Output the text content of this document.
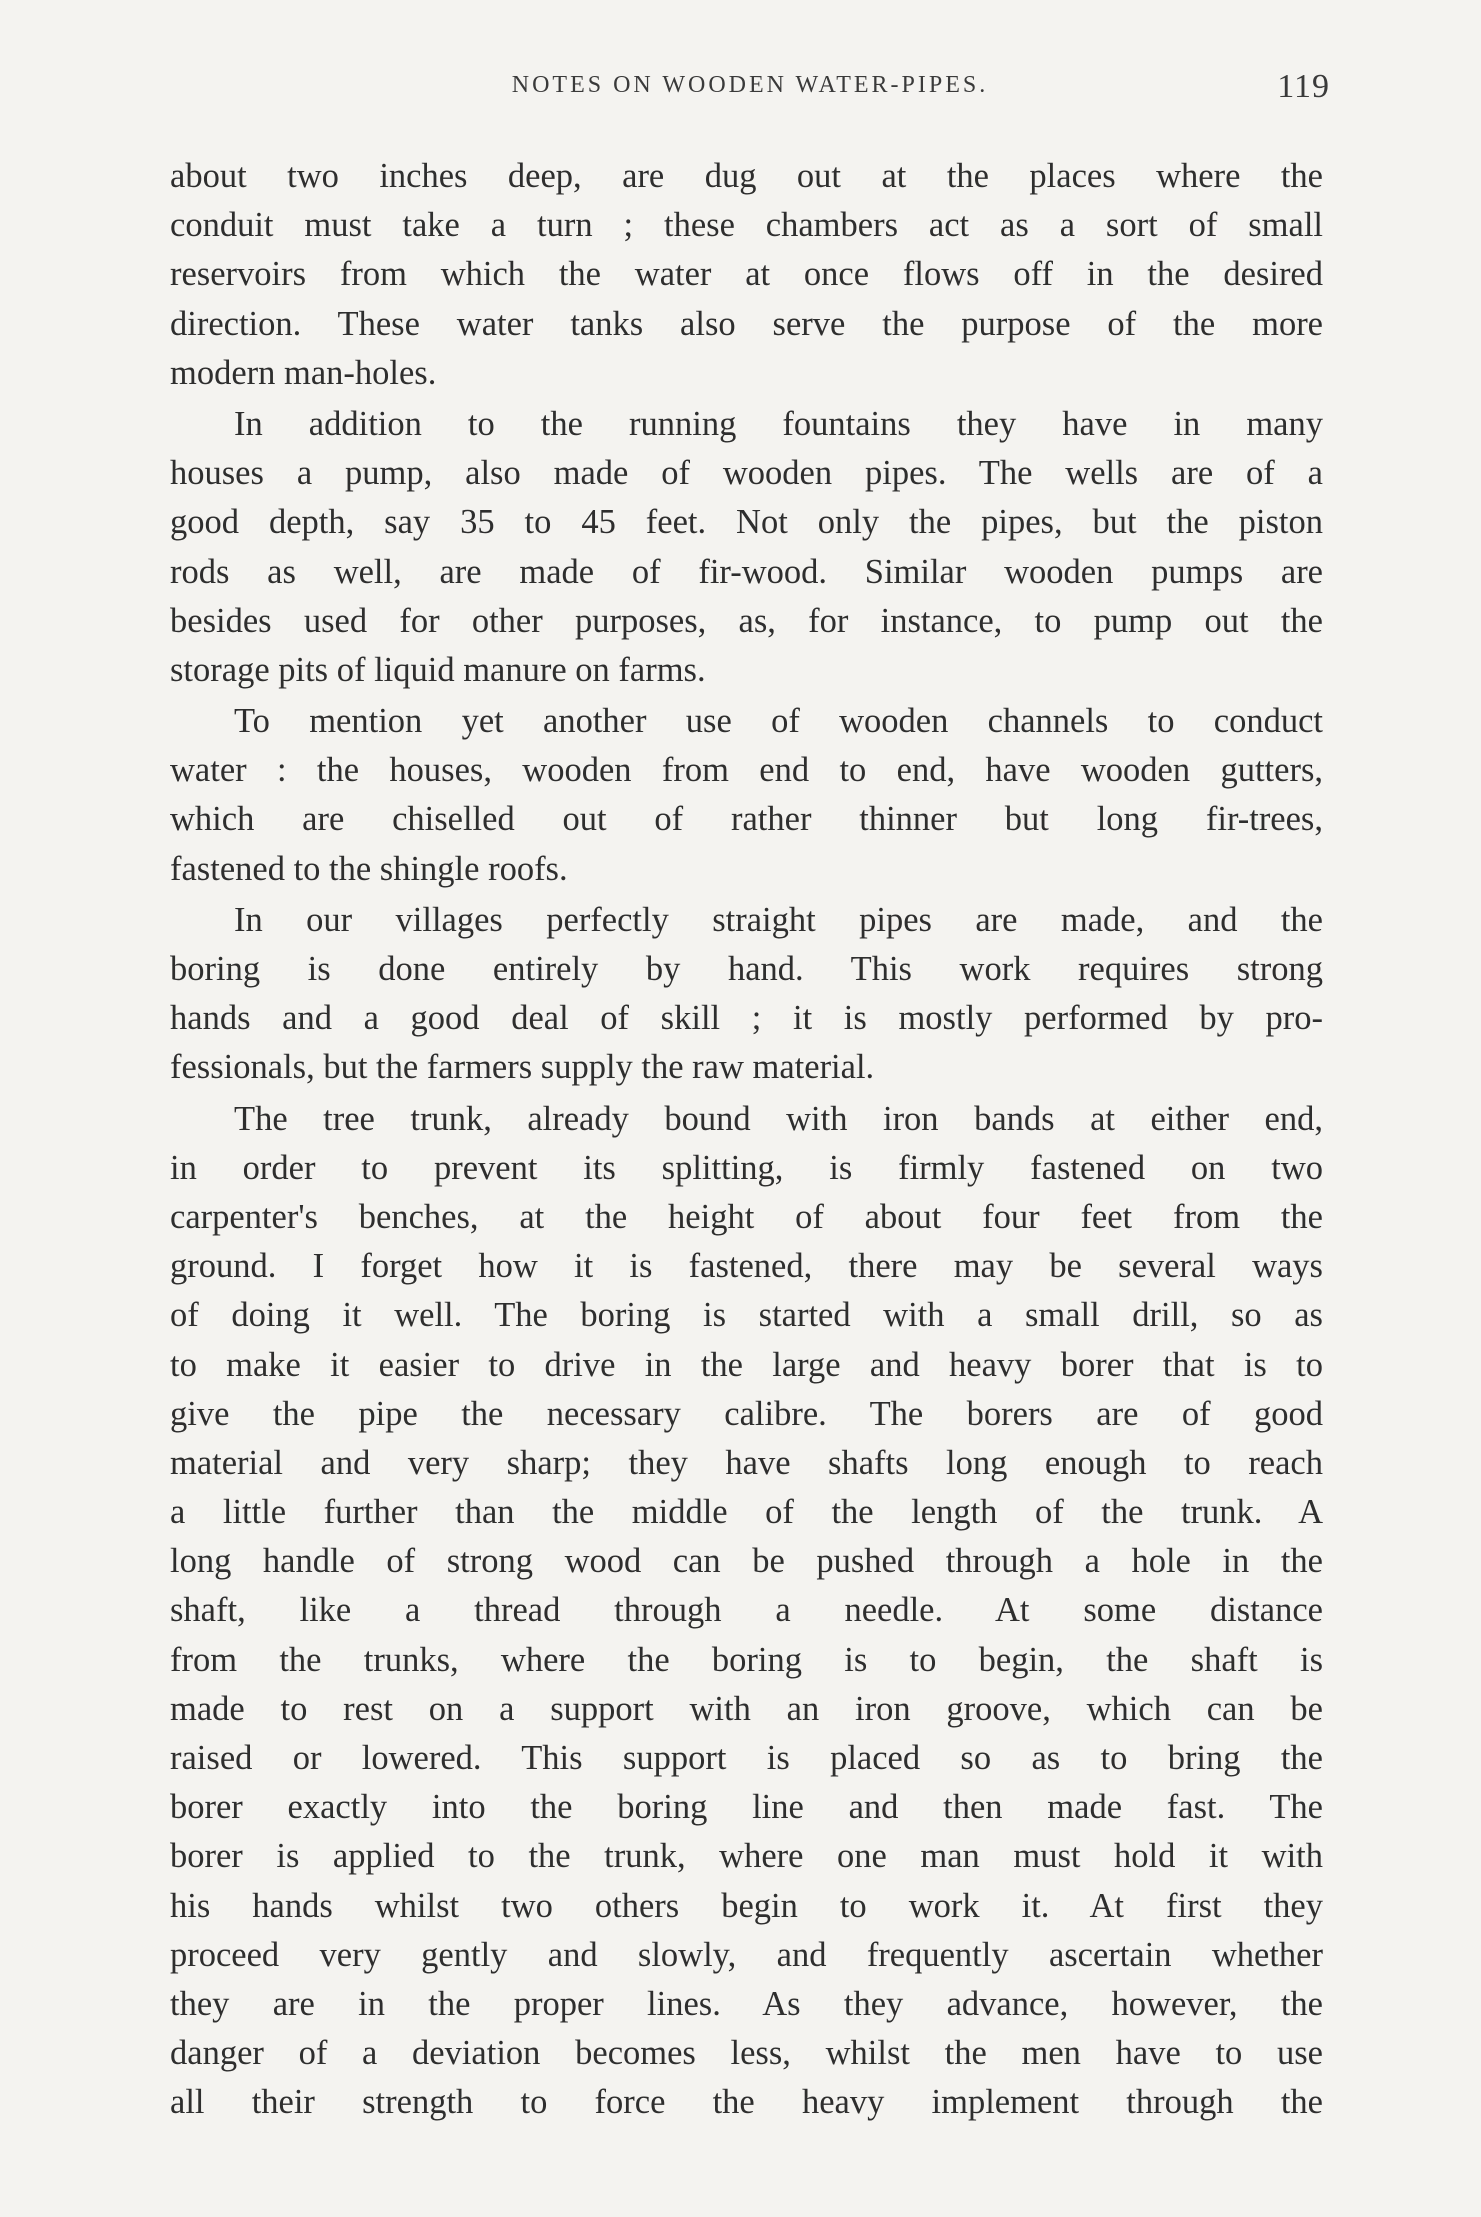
NOTES ON WOODEN WATER-PIPES.	119
about two inches deep, are dug out at the places where the
conduit must take a turn ; these chambers act as a sort of small
reservoirs from which the water at once flows off in the desired
direction. These water tanks also serve the purpose of the more
modern man-holes.
In addition to the running fountains they have in many
houses a pump, also made of wooden pipes. The wells are of a
good depth, say 35 to 45 feet. Not only the pipes, but the piston
rods as well, are made of fir-wood. Similar wooden pumps are
besides used for other purposes, as, for instance, to pump out the
storage pits of liquid manure on farms.
To mention yet another use of wooden channels to conduct
water : the houses, wooden from end to end, have wooden gutters,
which are chiselled out of rather thinner but long fir-trees,
fastened to the shingle roofs.
In our villages perfectly straight pipes are made, and the
boring is done entirely by hand. This work requires strong
hands and a good deal of skill ; it is mostly performed by pro-
fessionals, but the farmers supply the raw material.
The tree trunk, already bound with iron bands at either end,
in order to prevent its splitting, is firmly fastened on two
carpenter's benches, at the height of about four feet from the
ground. I forget how it is fastened, there may be several ways
of doing it well. The boring is started with a small drill, so as
to make it easier to drive in the large and heavy borer that is to
give the pipe the necessary calibre. The borers are of good
material and very sharp; they have shafts long enough to reach
a little further than the middle of the length of the trunk. A
long handle of strong wood can be pushed through a hole in the
shaft, like a thread through a needle. At some distance
from the trunks, where the boring is to begin, the shaft is
made to rest on a support with an iron groove, which can be
raised or lowered. This support is placed so as to bring the
borer exactly into the boring line and then made fast. The
borer is applied to the trunk, where one man must hold it with
his hands whilst two others begin to work it. At first they
proceed very gently and slowly, and frequently ascertain whether
they are in the proper lines. As they advance, however, the
danger of a deviation becomes less, whilst the men have to use
all their strength to force the heavy implement through the
